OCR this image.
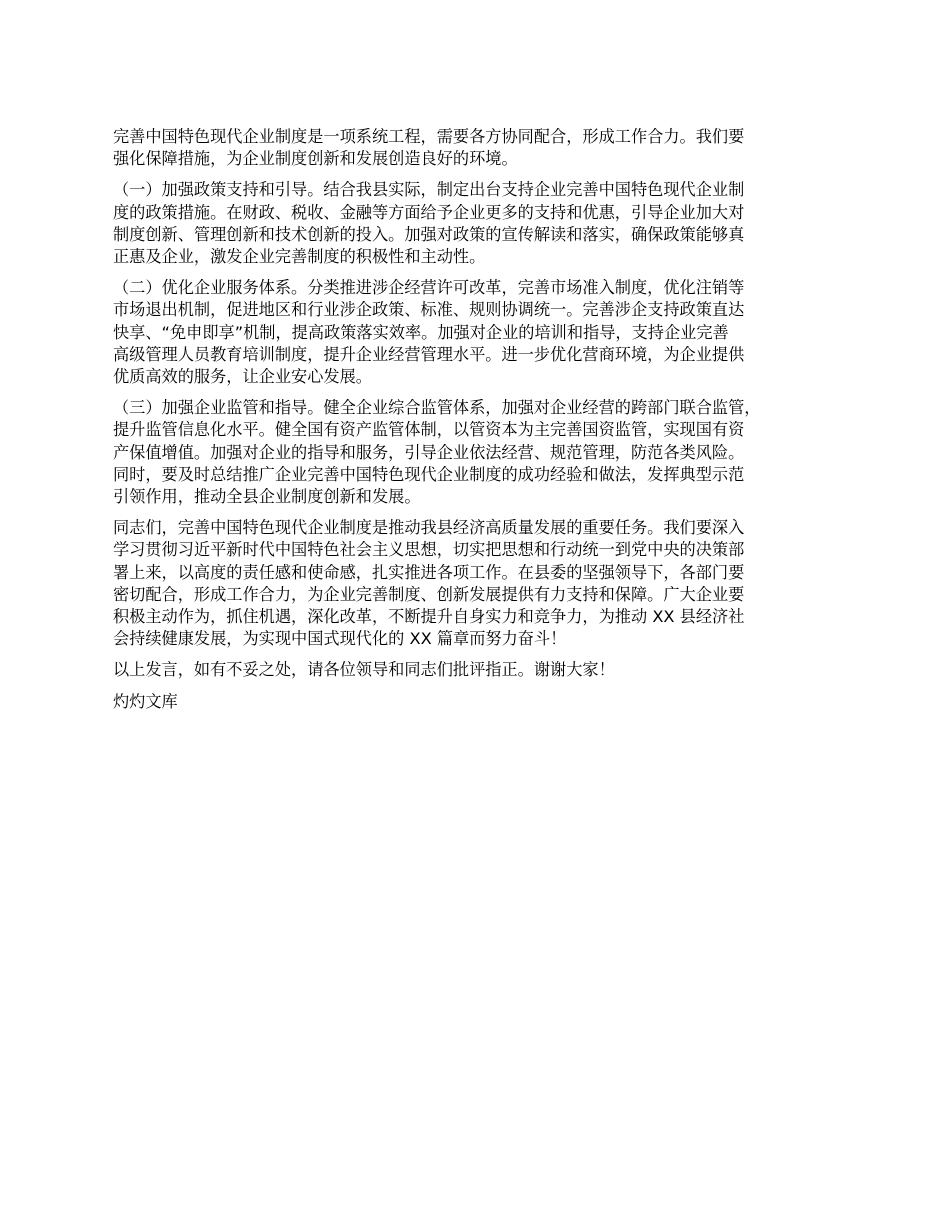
完善中国特色现代企业制度是一项系统工程，需要各方协同配合，形成工作合力。我们要
强化保障措施，为企业制度创新和发展创造良好的环境。

（一）加强政策支持和引导。结合我县实际，制定出台支持企业完善中国特色现代企业制
度的政策措施。在财政、税收、金融等方面给予企业更多的支持和优惠，引导企业加大对
制度创新、管理创新和技术创新的投入。加强对政策的宣传解读和落实，确保政策能够真
正惠及企业，激发企业完善制度的积极性和主动性。

（二）优化企业服务体系。分类推进涉企经营许可改革，完善市场准入制度，优化注销等
市场退出机制，促进地区和行业涉企政策、标准、规则协调统一。完善涉企支持政策直达
快享、“免申即享”机制，提高政策落实效率。加强对企业的培训和指导，支持企业完善
高级管理人员教育培训制度，提升企业经营管理水平。进一步优化营商环境，为企业提供
优质高效的服务，让企业安心发展。

（三）加强企业监管和指导。健全企业综合监管体系，加强对企业经营的跨部门联合监管，
提升监管信息化水平。健全国有资产监管体制，以管资本为主完善国资监管，实现国有资
产保值增值。加强对企业的指导和服务，引导企业依法经营、规范管理，防范各类风险。
同时，要及时总结推广企业完善中国特色现代企业制度的成功经验和做法，发挥典型示范
引领作用，推动全县企业制度创新和发展。

同志们，完善中国特色现代企业制度是推动我县经济高质量发展的重要任务。我们要深入
学习贯彻习近平新时代中国特色社会主义思想，切实把思想和行动统一到党中央的决策部
署上来，以高度的责任感和使命感，扎实推进各项工作。在县委的坚强领导下，各部门要
密切配合，形成工作合力，为企业完善制度、创新发展提供有力支持和保障。广大企业要
积极主动作为，抓住机遇，深化改革，不断提升自身实力和竞争力，为推动 XX 县经济社
会持续健康发展，为实现中国式现代化的 XX 篇章而努力奋斗！

以上发言，如有不妥之处，请各位领导和同志们批评指正。谢谢大家！

灼灼文库
